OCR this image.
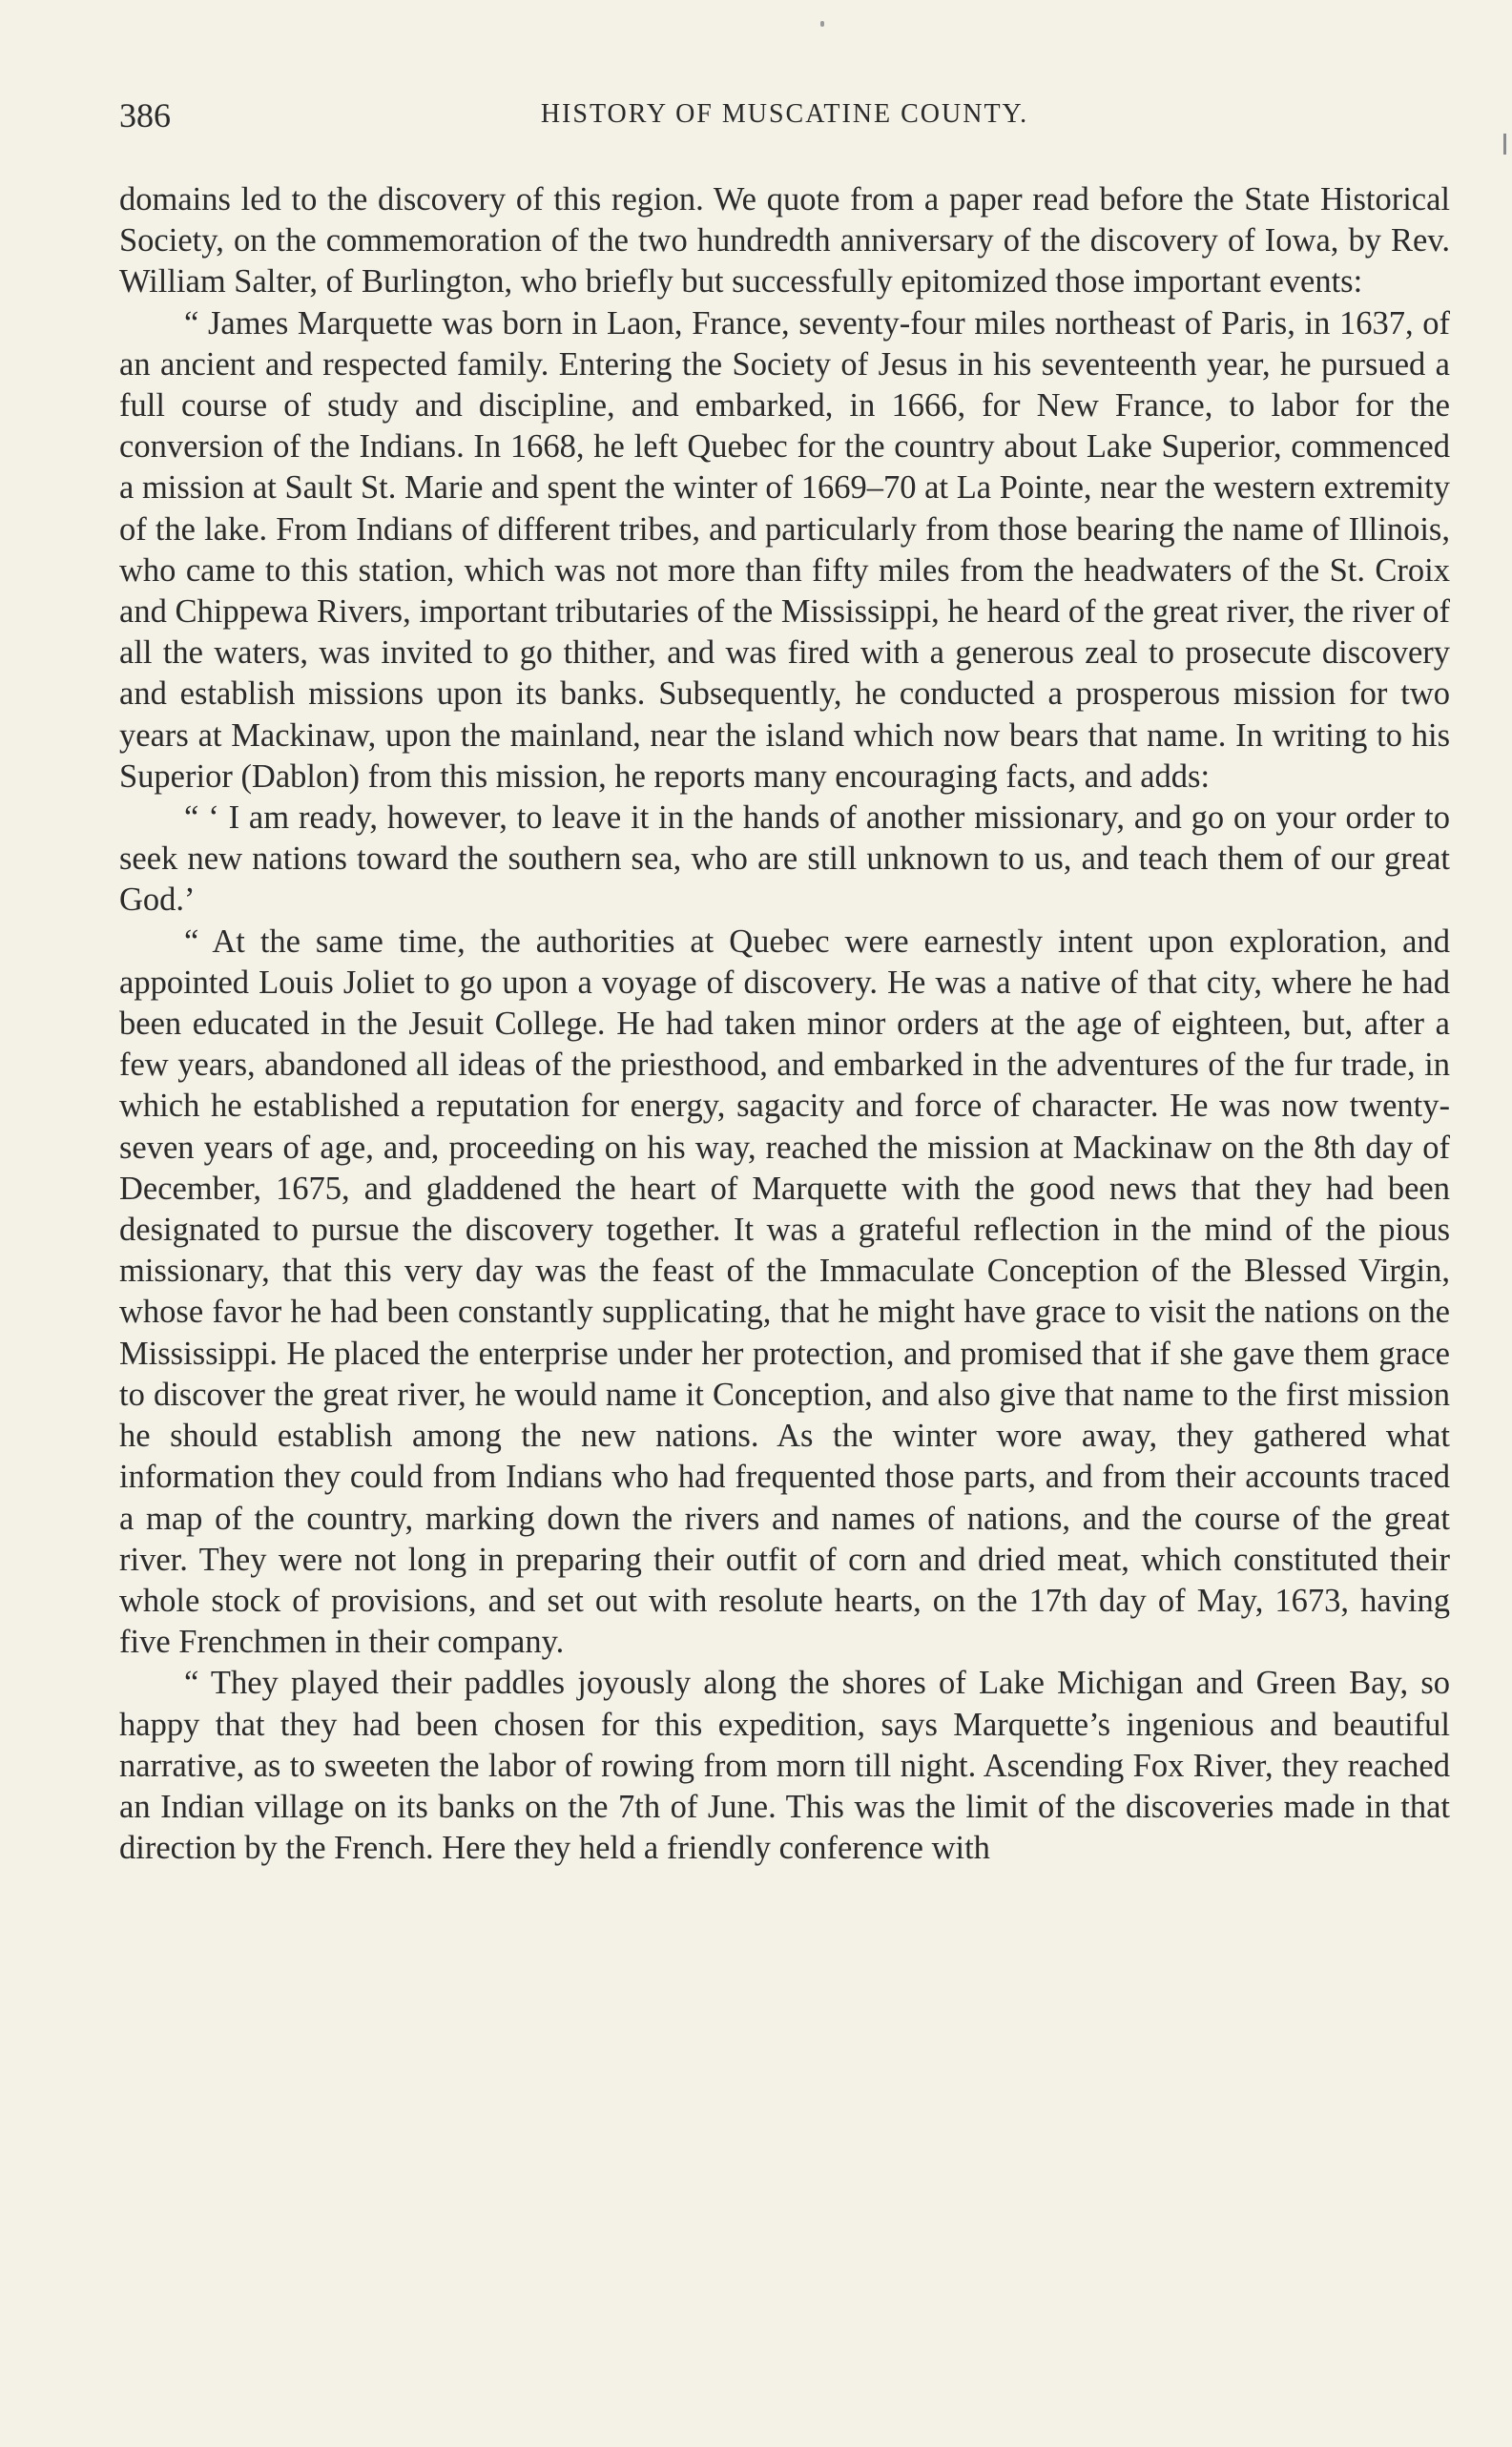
386	HISTORY OF MUSCATINE COUNTY.

domains led to the discovery of this region. We quote from a paper read before the State Historical Society, on the commemoration of the two hundredth anniversary of the discovery of Iowa, by Rev. William Salter, of Burlington, who briefly but successfully epitomized those important events:

“ James Marquette was born in Laon, France, seventy-four miles northeast of Paris, in 1637, of an ancient and respected family. Entering the Society of Jesus in his seventeenth year, he pursued a full course of study and discipline, and embarked, in 1666, for New France, to labor for the conversion of the Indians. In 1668, he left Quebec for the country about Lake Superior, commenced a mission at Sault St. Marie and spent the winter of 1669–70 at La Pointe, near the western extremity of the lake. From Indians of different tribes, and particularly from those bearing the name of Illinois, who came to this station, which was not more than fifty miles from the headwaters of the St. Croix and Chippewa Rivers, important tributaries of the Mississippi, he heard of the great river, the river of all the waters, was invited to go thither, and was fired with a generous zeal to prosecute discovery and establish missions upon its banks. Subsequently, he conducted a prosperous mission for two years at Mackinaw, upon the mainland, near the island which now bears that name. In writing to his Superior (Dablon) from this mission, he reports many encouraging facts, and adds:

“ ‘ I am ready, however, to leave it in the hands of another missionary, and go on your order to seek new nations toward the southern sea, who are still unknown to us, and teach them of our great God.’

“ At the same time, the authorities at Quebec were earnestly intent upon exploration, and appointed Louis Joliet to go upon a voyage of discovery. He was a native of that city, where he had been educated in the Jesuit College. He had taken minor orders at the age of eighteen, but, after a few years, abandoned all ideas of the priesthood, and embarked in the adventures of the fur trade, in which he established a reputation for energy, sagacity and force of character. He was now twenty-seven years of age, and, proceeding on his way, reached the mission at Mackinaw on the 8th day of December, 1675, and gladdened the heart of Marquette with the good news that they had been designated to pursue the discovery together. It was a grateful reflection in the mind of the pious missionary, that this very day was the feast of the Immaculate Conception of the Blessed Virgin, whose favor he had been constantly supplicating, that he might have grace to visit the nations on the Mississippi. He placed the enterprise under her protection, and promised that if she gave them grace to discover the great river, he would name it Conception, and also give that name to the first mission he should establish among the new nations. As the winter wore away, they gathered what information they could from Indians who had frequented those parts, and from their accounts traced a map of the country, marking down the rivers and names of nations, and the course of the great river. They were not long in preparing their outfit of corn and dried meat, which constituted their whole stock of provisions, and set out with resolute hearts, on the 17th day of May, 1673, having five Frenchmen in their company.

“ They played their paddles joyously along the shores of Lake Michigan and Green Bay, so happy that they had been chosen for this expedition, says Marquette’s ingenious and beautiful narrative, as to sweeten the labor of rowing from morn till night. Ascending Fox River, they reached an Indian village on its banks on the 7th of June. This was the limit of the discoveries made in that direction by the French. Here they held a friendly conference with
